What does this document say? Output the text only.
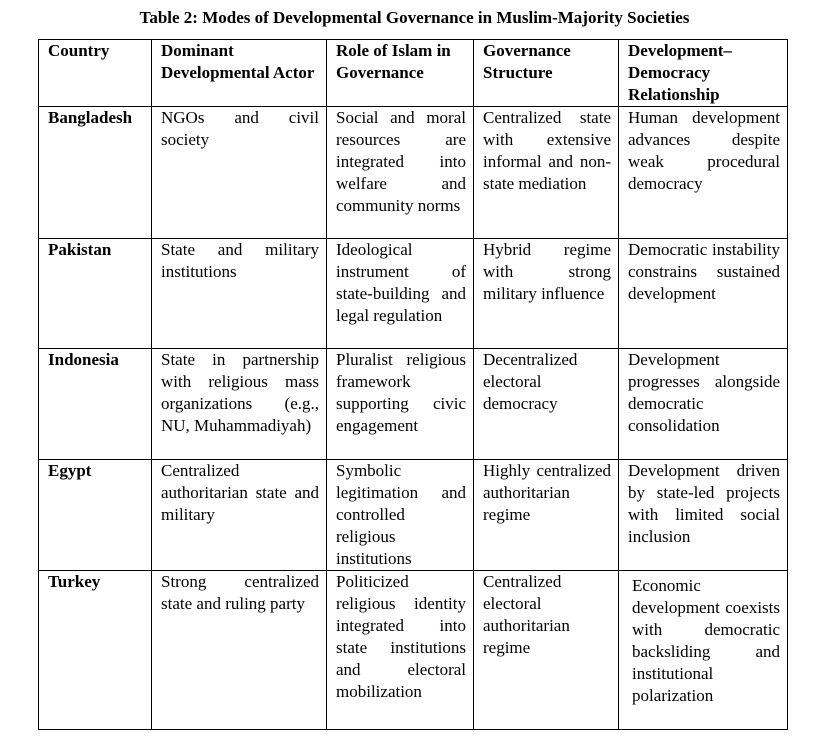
Table 2: Modes of Developmental Governance in Muslim-Majority Societies
Country	Dominant Developmental Actor	Role of Islam in Governance	Governance Structure	Development–Democracy Relationship
Bangladesh	NGOs and civil society	Social and moral resources are integrated into welfare and community norms	Centralized state with extensive informal and non-state mediation	Human development advances despite weak procedural democracy
Pakistan	State and military institutions	Ideological instrument of state-building and legal regulation	Hybrid regime with strong military influence	Democratic instability constrains sustained development
Indonesia	State in partnership with religious mass organizations (e.g., NU, Muhammadiyah)	Pluralist religious framework supporting civic engagement	Decentralized electoral democracy	Development progresses alongside democratic consolidation
Egypt	Centralized authoritarian state and military	Symbolic legitimation and controlled religious institutions	Highly centralized authoritarian regime	Development driven by state-led projects with limited social inclusion
Turkey	Strong centralized state and ruling party	Politicized religious identity integrated into state institutions and electoral mobilization	Centralized electoral authoritarian regime	Economic development coexists with democratic backsliding and institutional polarization
